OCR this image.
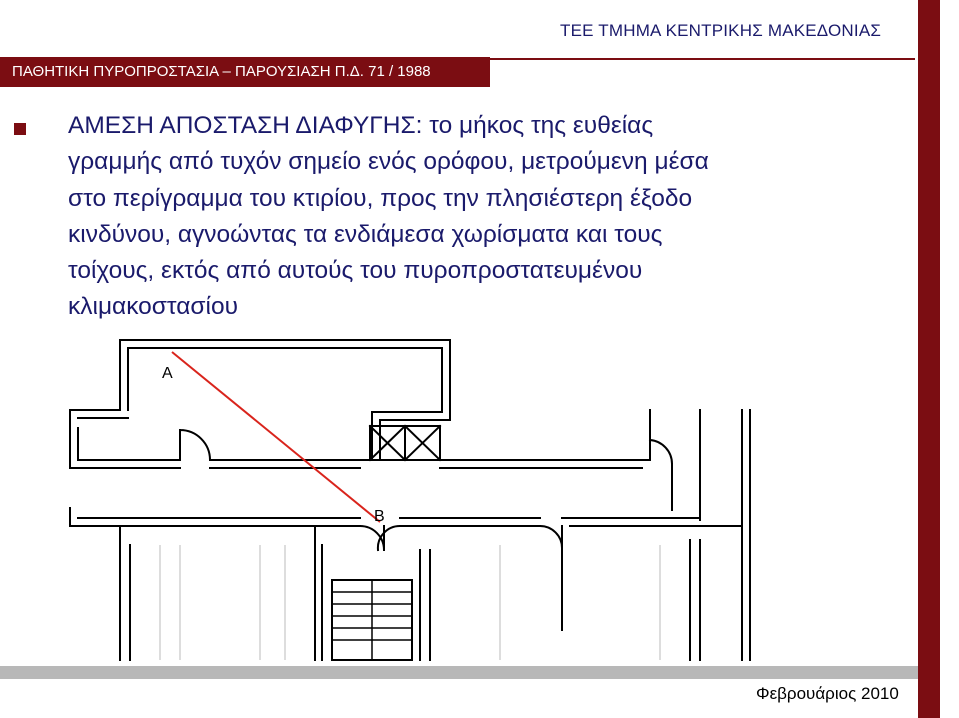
ΤΕΕ ΤΜΗΜΑ ΚΕΝΤΡΙΚΗΣ ΜΑΚΕΔΟΝΙΑΣ
ΠΑΘΗΤΙΚΗ ΠΥΡΟΠΡΟΣΤΑΣΙΑ – ΠΑΡΟΥΣΙΑΣΗ Π.Δ. 71 / 1988
ΑΜΕΣΗ ΑΠΟΣΤΑΣΗ ΔΙΑΦΥΓΗΣ: το μήκος της ευθείας
γραμμής από τυχόν σημείο ενός ορόφου, μετρούμενη μέσα
στο περίγραμμα του κτιρίου, προς την πλησιέστερη έξοδο
κινδύνου, αγνοώντας τα ενδιάμεσα χωρίσματα και τους
τοίχους, εκτός από αυτούς του πυροπροστατευμένου
κλιμακοστασίου
A
B
Φεβρουάριος 2010
